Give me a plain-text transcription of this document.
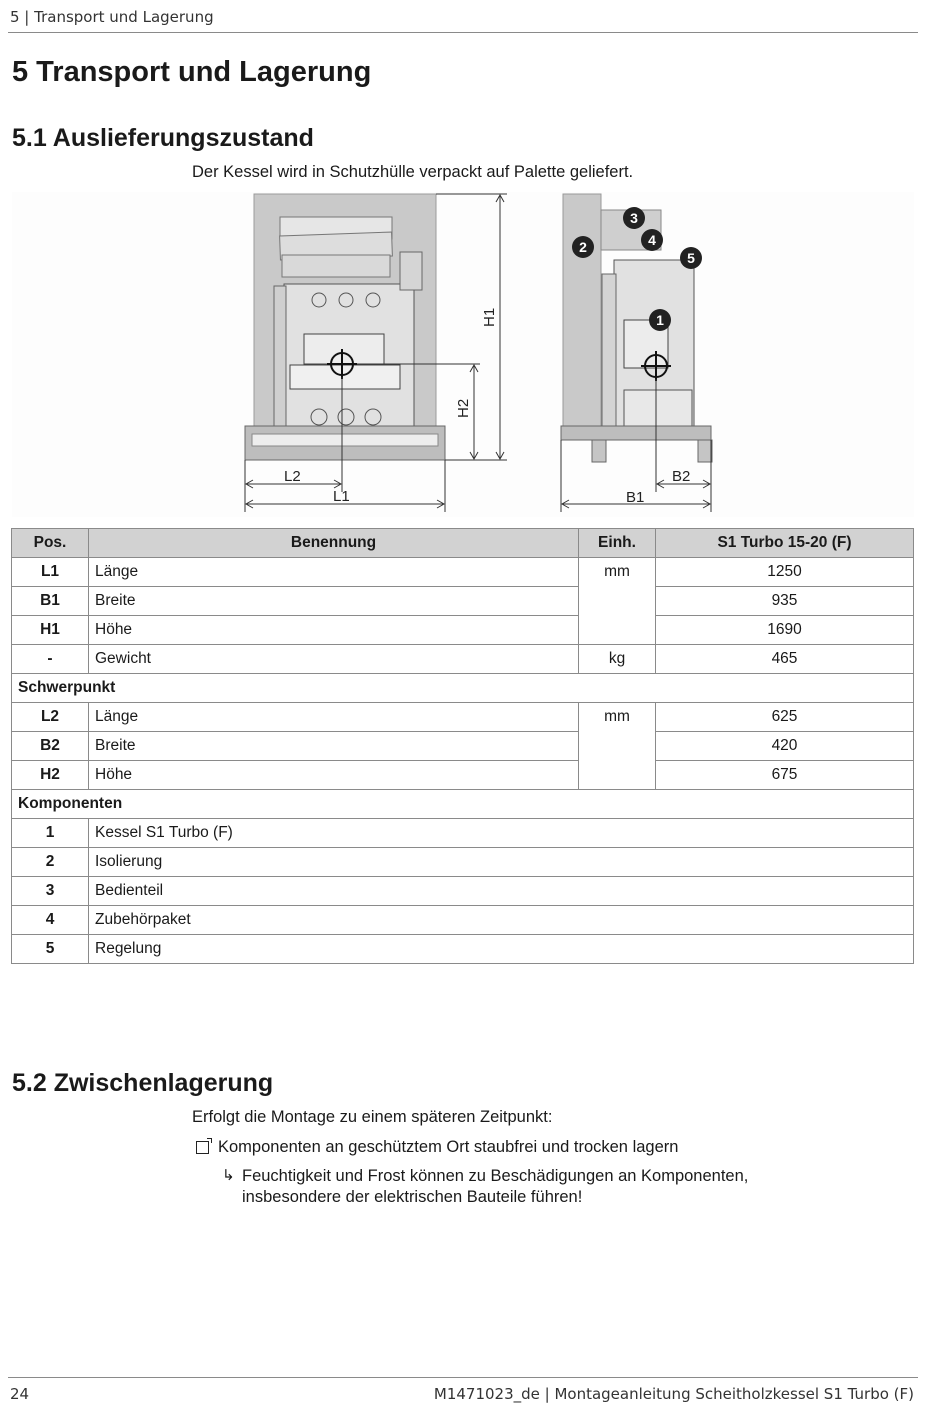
5 | Transport und Lagerung
5 Transport und Lagerung
5.1 Auslieferungszustand
Der Kessel wird in Schutzhülle verpackt auf Palette geliefert.
H1
H2
L2
L1
B2
B1
1
2
3
4
5
Pos.	Benennung	Einh.	S1 Turbo 15-20 (F)
L1	Länge	mm	1250
B1	Breite		935
H1	Höhe		1690
-	Gewicht	kg	465
Schwerpunkt			
L2	Länge	mm	625
B2	Breite		420
H2	Höhe		675
Komponenten			
1	Kessel S1 Turbo (F)		
2	Isolierung		
3	Bedienteil		
4	Zubehörpaket		
5	Regelung		
5.2 Zwischenlagerung
Erfolgt die Montage zu einem späteren Zeitpunkt:
Komponenten an geschütztem Ort staubfrei und trocken lagern
↳ Feuchtigkeit und Frost können zu Beschädigungen an Komponenten,
insbesondere der elektrischen Bauteile führen!
24	M1471023_de | Montageanleitung Scheitholzkessel S1 Turbo (F)
